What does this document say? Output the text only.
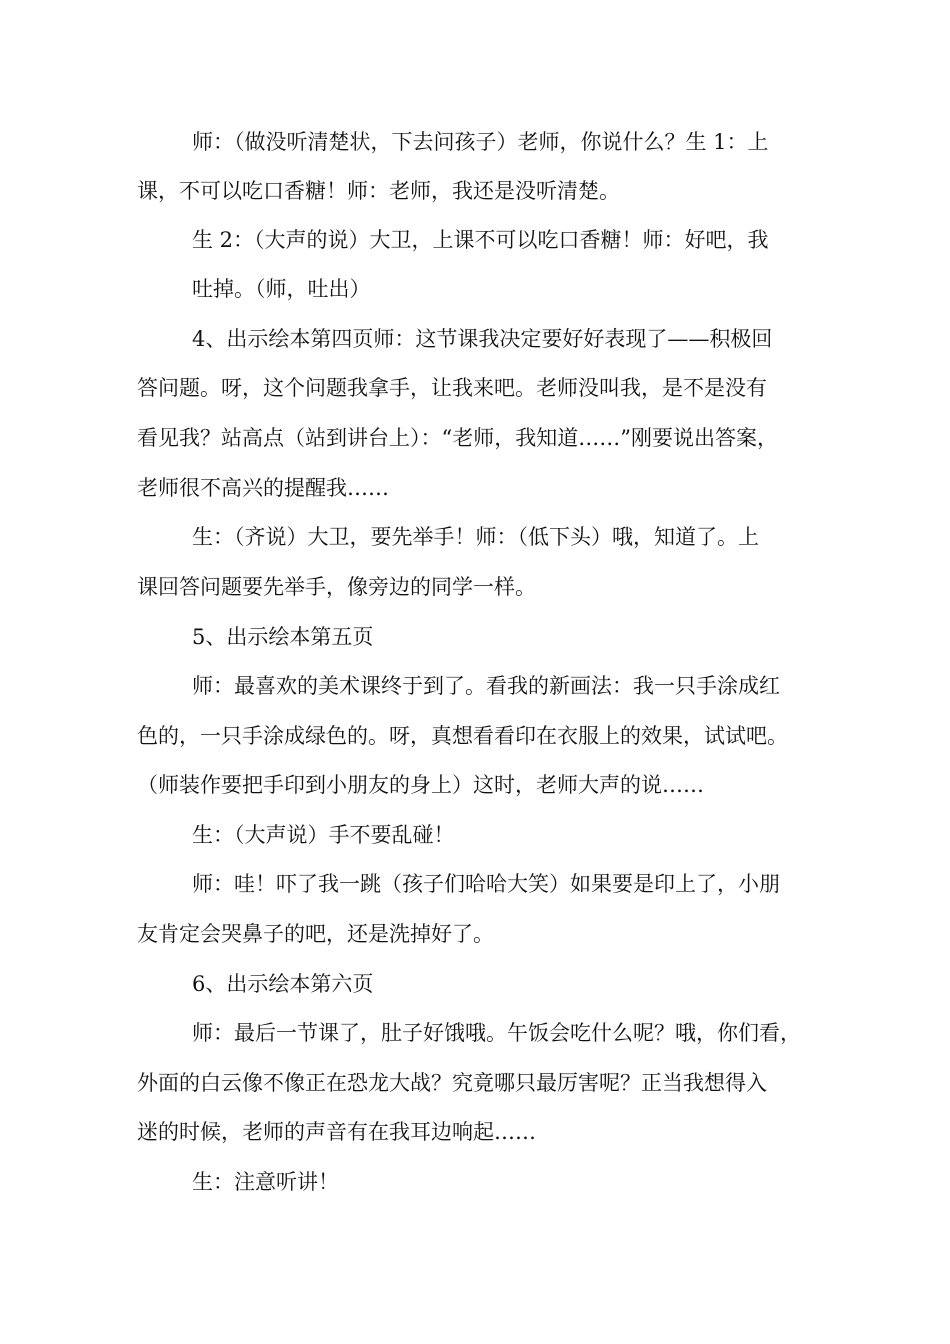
师：（做没听清楚状，下去问孩子）老师，你说什么？生 1：上
课，不可以吃口香糖！师：老师，我还是没听清楚。
生 2：（大声的说）大卫，上课不可以吃口香糖！师：好吧，我
吐掉。（师，吐出）
4、出示绘本第四页师：这节课我决定要好好表现了——积极回
答问题。呀，这个问题我拿手，让我来吧。老师没叫我，是不是没有
看见我？站高点（站到讲台上）：“老师，我知道……”刚要说出答案，
老师很不高兴的提醒我……
生：（齐说）大卫，要先举手！师：（低下头）哦，知道了。上
课回答问题要先举手，像旁边的同学一样。
5、出示绘本第五页
师：最喜欢的美术课终于到了。看我的新画法：我一只手涂成红
色的，一只手涂成绿色的。呀，真想看看印在衣服上的效果，试试吧。
（师装作要把手印到小朋友的身上）这时，老师大声的说……
生：（大声说）手不要乱碰！
师：哇！吓了我一跳（孩子们哈哈大笑）如果要是印上了，小朋
友肯定会哭鼻子的吧，还是洗掉好了。
6、出示绘本第六页
师：最后一节课了，肚子好饿哦。午饭会吃什么呢？哦，你们看，
外面的白云像不像正在恐龙大战？究竟哪只最厉害呢？正当我想得入
迷的时候，老师的声音有在我耳边响起……
生：注意听讲！
